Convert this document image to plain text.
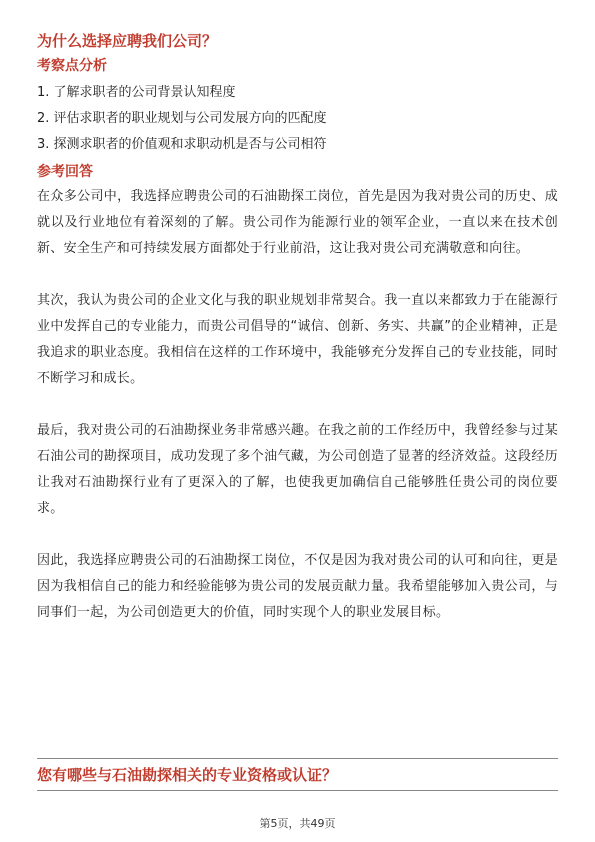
为什么选择应聘我们公司？
考察点分析
1. 了解求职者的公司背景认知程度
2. 评估求职者的职业规划与公司发展方向的匹配度
3. 探测求职者的价值观和求职动机是否与公司相符
参考回答

在众多公司中，我选择应聘贵公司的石油勘探工岗位，首先是因为我对贵公司的历史、成就以及行业地位有着深刻的了解。贵公司作为能源行业的领军企业，一直以来在技术创新、安全生产和可持续发展方面都处于行业前沿，这让我对贵公司充满敬意和向往。

其次，我认为贵公司的企业文化与我的职业规划非常契合。我一直以来都致力于在能源行业中发挥自己的专业能力，而贵公司倡导的“诚信、创新、务实、共赢”的企业精神，正是我追求的职业态度。我相信在这样的工作环境中，我能够充分发挥自己的专业技能，同时不断学习和成长。

最后，我对贵公司的石油勘探业务非常感兴趣。在我之前的工作经历中，我曾经参与过某石油公司的勘探项目，成功发现了多个油气藏，为公司创造了显著的经济效益。这段经历让我对石油勘探行业有了更深入的了解，也使我更加确信自己能够胜任贵公司的岗位要求。

因此，我选择应聘贵公司的石油勘探工岗位，不仅是因为我对贵公司的认可和向往，更是因为我相信自己的能力和经验能够为贵公司的发展贡献力量。我希望能够加入贵公司，与同事们一起，为公司创造更大的价值，同时实现个人的职业发展目标。

您有哪些与石油勘探相关的专业资格或认证？
第5页，共49页
